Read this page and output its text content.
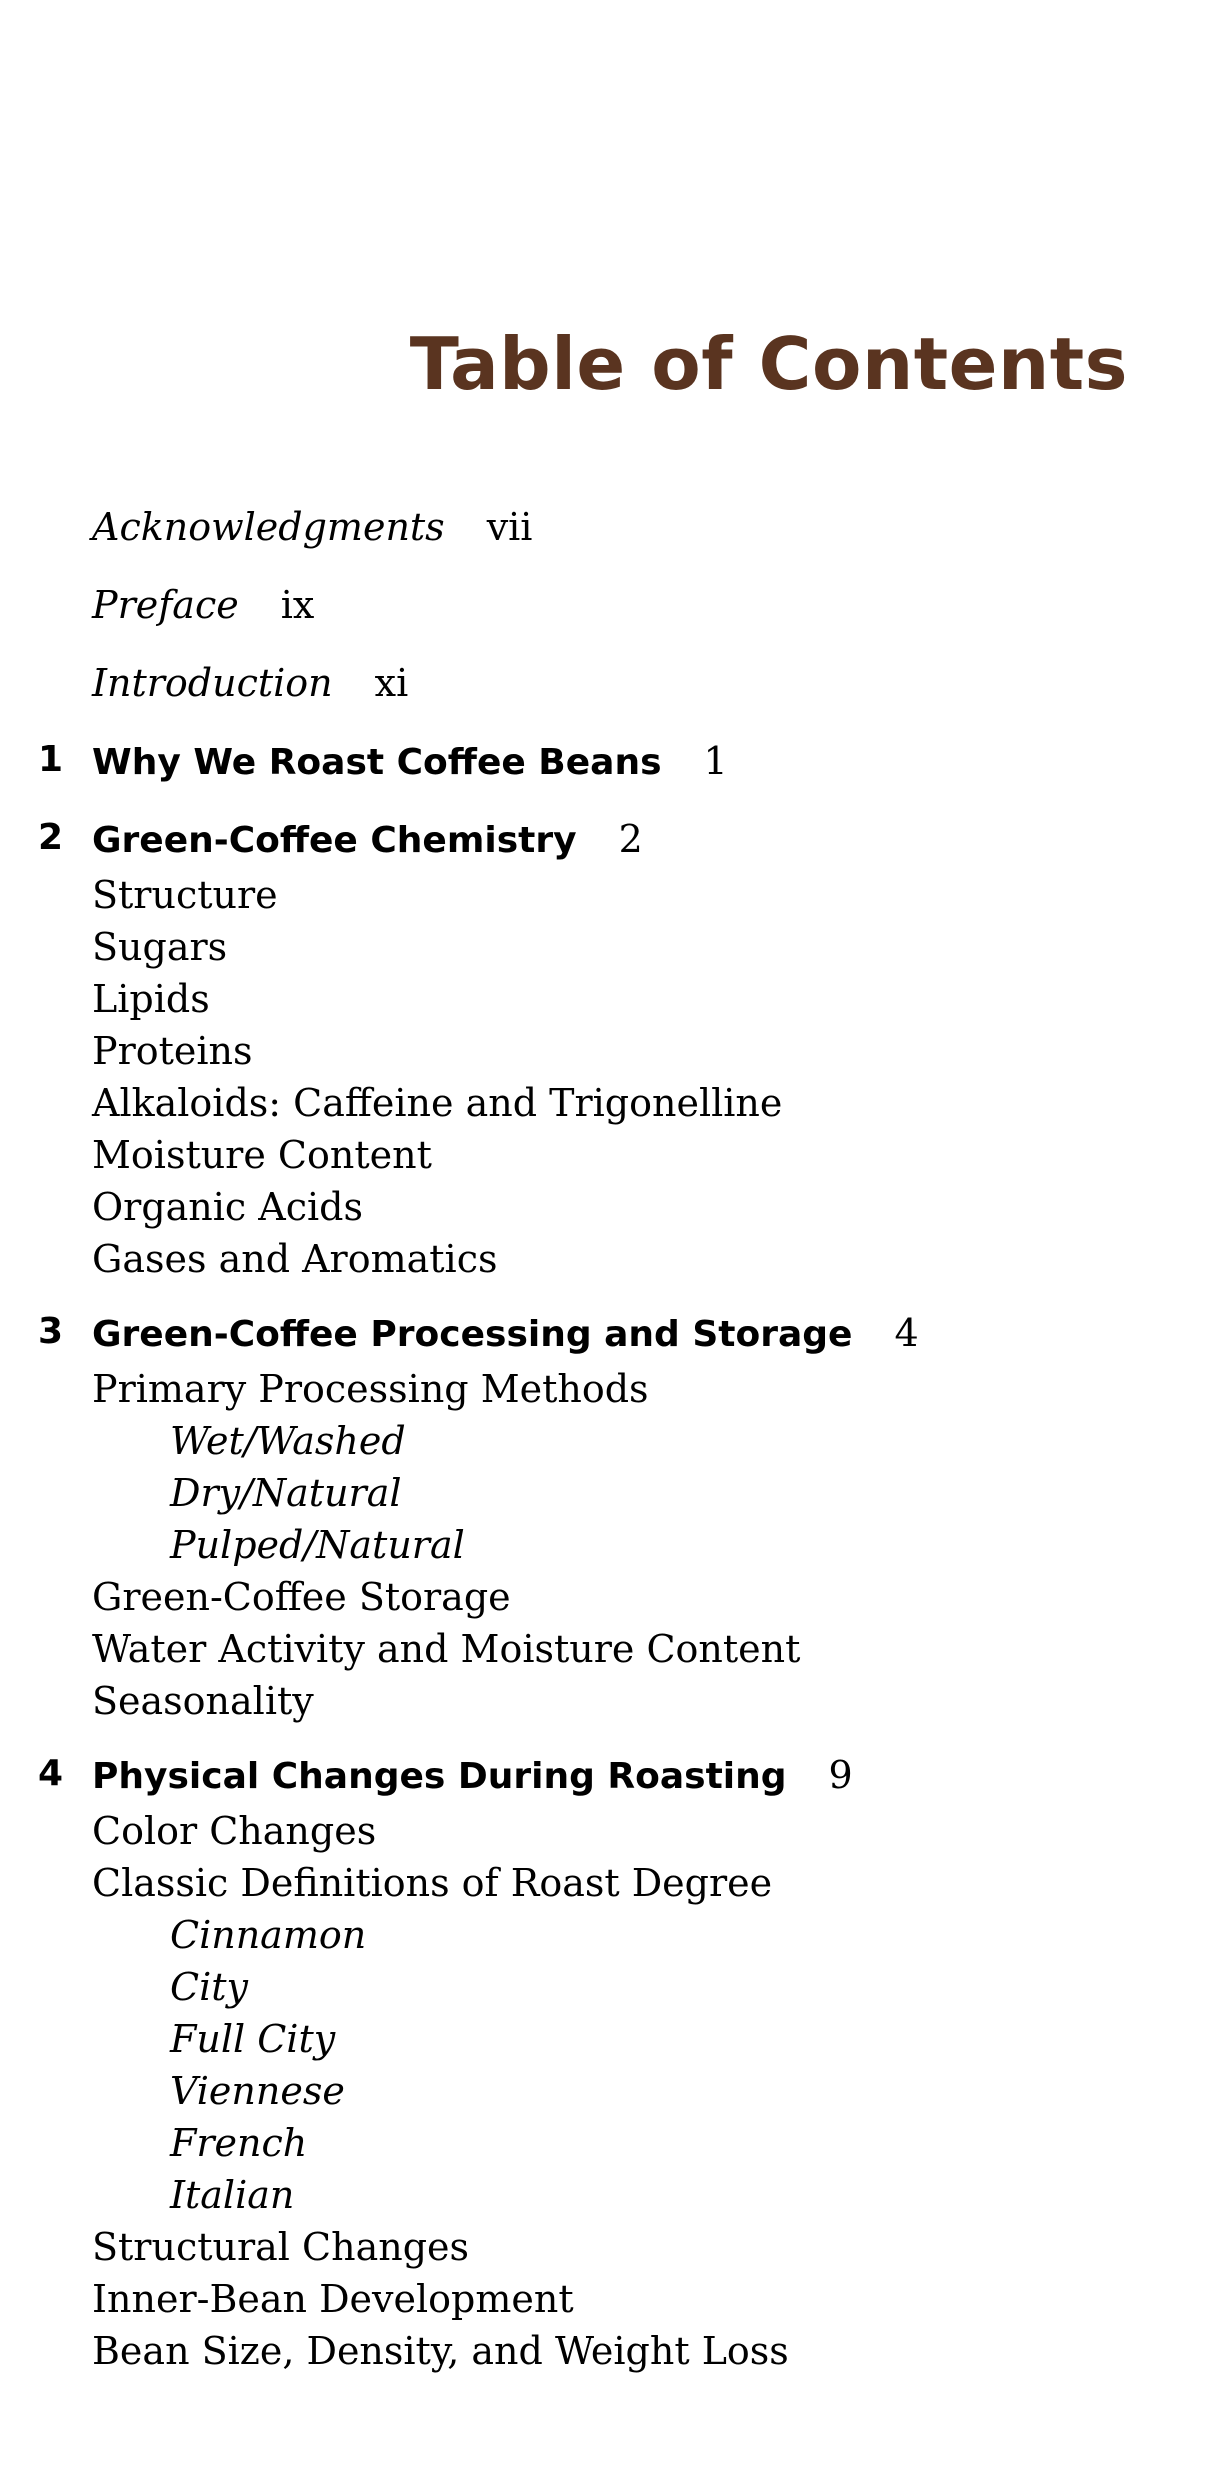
Table of Contents
Acknowledgments vii
Preface ix
Introduction xi
1 Why We Roast Coffee Beans 1
2 Green-Coffee Chemistry 2
Structure
Sugars
Lipids
Proteins
Alkaloids: Caffeine and Trigonelline
Moisture Content
Organic Acids
Gases and Aromatics
3 Green-Coffee Processing and Storage 4
Primary Processing Methods
Wet/Washed
Dry/Natural
Pulped/Natural
Green-Coffee Storage
Water Activity and Moisture Content
Seasonality
4 Physical Changes During Roasting 9
Color Changes
Classic Definitions of Roast Degree
Cinnamon
City
Full City
Viennese
French
Italian
Structural Changes
Inner-Bean Development
Bean Size, Density, and Weight Loss
